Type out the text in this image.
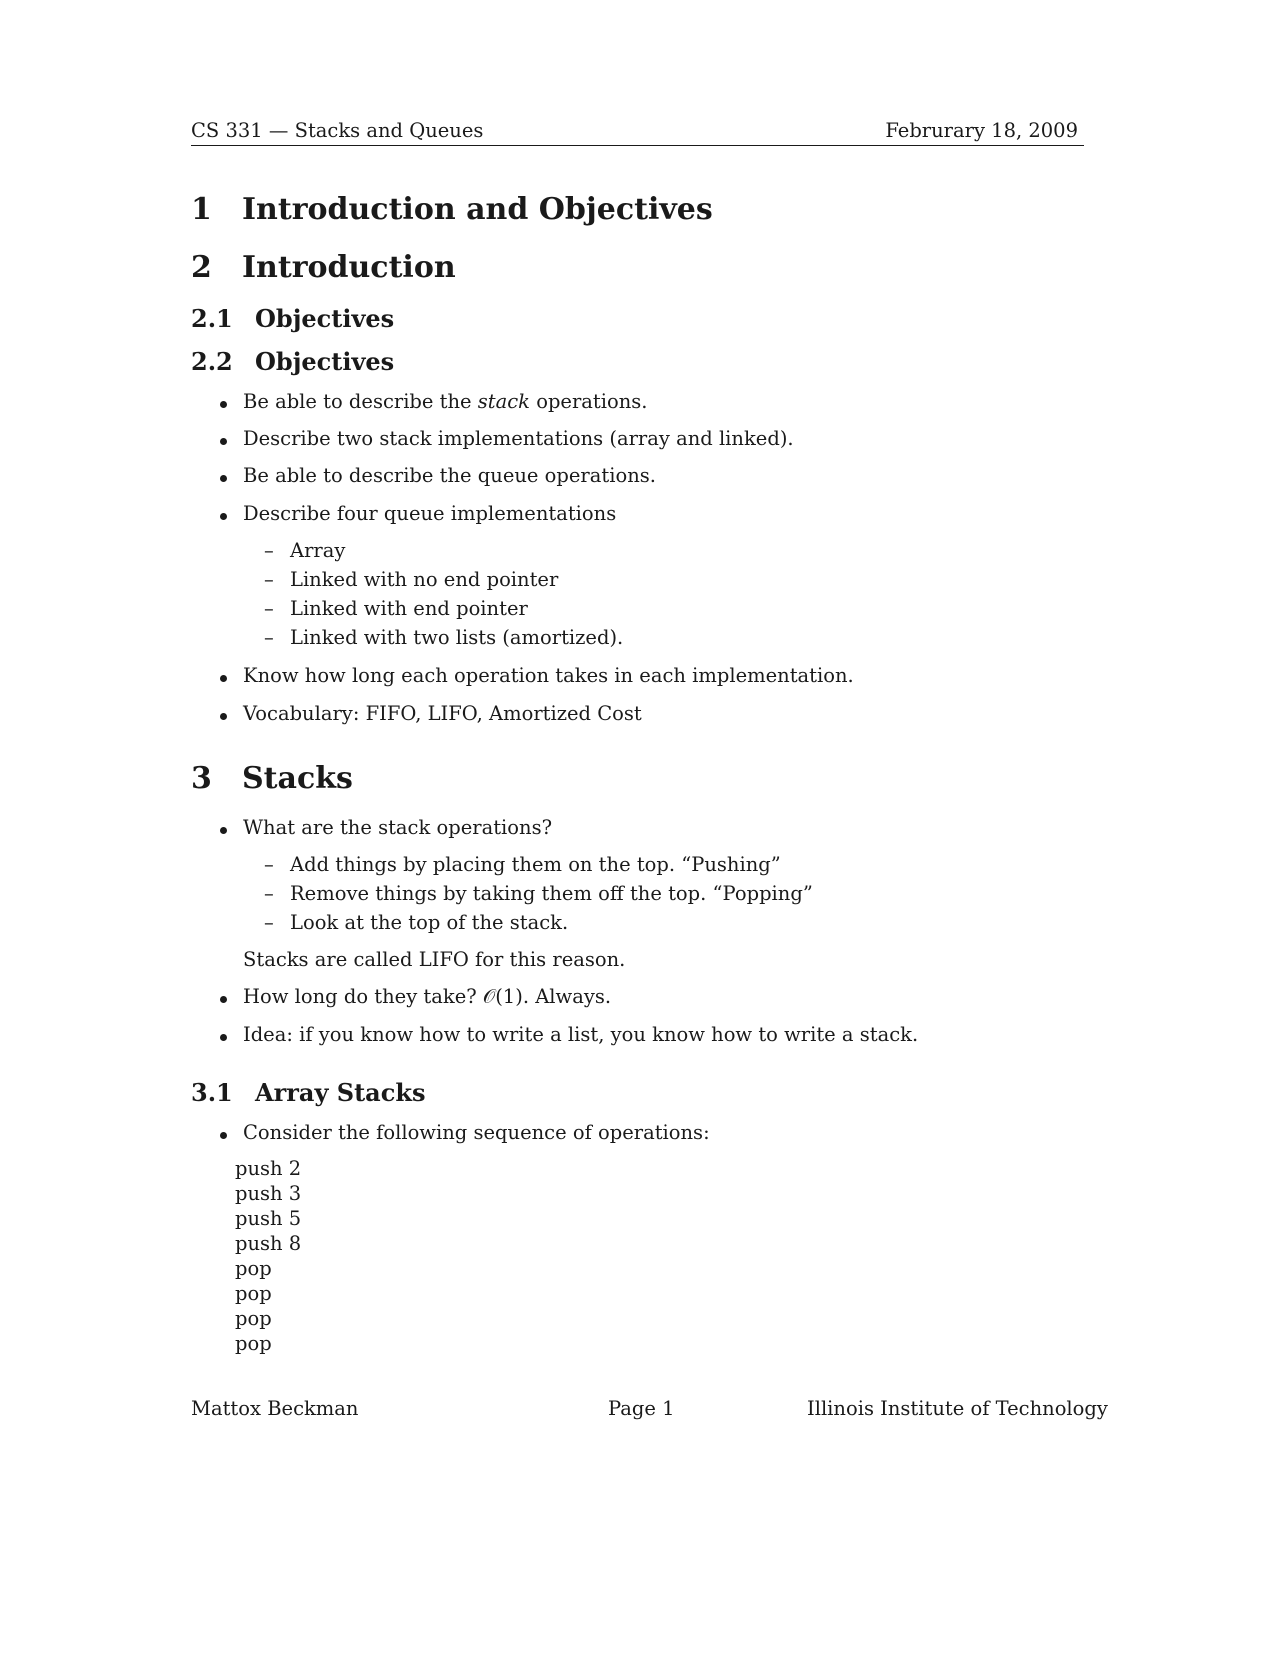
CS 331 — Stacks and Queues	Februrary 18, 2009
1 Introduction and Objectives
2 Introduction
2.1 Objectives
2.2 Objectives
Be able to describe the stack operations.
Describe two stack implementations (array and linked).
Be able to describe the queue operations.
Describe four queue implementations
– Array
– Linked with no end pointer
– Linked with end pointer
– Linked with two lists (amortized).
Know how long each operation takes in each implementation.
Vocabulary: FIFO, LIFO, Amortized Cost
3 Stacks
What are the stack operations?
– Add things by placing them on the top. “Pushing”
– Remove things by taking them off the top. “Popping”
– Look at the top of the stack.
Stacks are called LIFO for this reason.
How long do they take? 𝒪(1). Always.
Idea: if you know how to write a list, you know how to write a stack.
3.1 Array Stacks
Consider the following sequence of operations:
push 2
push 3
push 5
push 8
pop
pop
pop
pop
Mattox Beckman	Page 1	Illinois Institute of Technology
